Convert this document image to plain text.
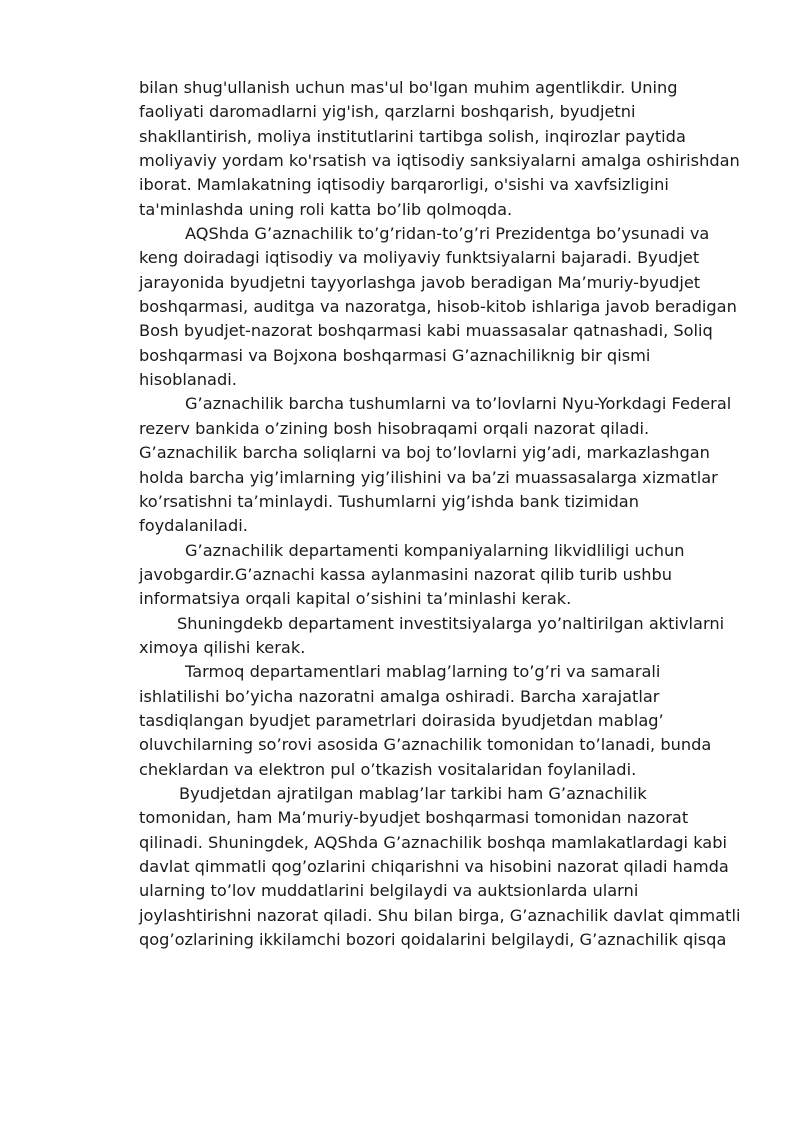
bilan shug'ullanish uchun mas'ul bo'lgan muhim agentlikdir. Uning
faoliyati daromadlarni yig'ish, qarzlarni boshqarish, byudjetni
shakllantirish, moliya institutlarini tartibga solish, inqirozlar paytida
moliyaviy yordam ko'rsatish va iqtisodiy sanksiyalarni amalga oshirishdan
iborat. Mamlakatning iqtisodiy barqarorligi, o'sishi va xavfsizligini
ta'minlashda uning roli katta bo’lib qolmoqda.

AQShda G’aznachilik to’g’ridan-to’g’ri Prezidentga bo’ysunadi va
keng doiradagi iqtisodiy va moliyaviy funktsiyalarni bajaradi. Byudjet
jarayonida byudjetni tayyorlashga javob beradigan Ma’muriy-byudjet
boshqarmasi, auditga va nazoratga, hisob-kitob ishlariga javob beradigan
Bosh byudjet-nazorat boshqarmasi kabi muassasalar qatnashadi, Soliq
boshqarmasi va Bojxona boshqarmasi G’aznachiliknig bir qismi
hisoblanadi.

G’aznachilik barcha tushumlarni va to’lovlarni Nyu-Yorkdagi Federal
rezerv bankida o’zining bosh hisobraqami orqali nazorat qiladi.
G’aznachilik barcha soliqlarni va boj to’lovlarni yig’adi, markazlashgan
holda barcha yig’imlarning yig’ilishini va ba’zi muassasalarga xizmatlar
ko’rsatishni ta’minlaydi. Tushumlarni yig’ishda bank tizimidan
foydalaniladi.

G’aznachilik departamenti kompaniyalarning likvidliligi uchun
javobgardir.G’aznachi kassa aylanmasini nazorat qilib turib ushbu
informatsiya orqali kapital o’sishini ta’minlashi kerak.

Shuningdekb departament investitsiyalarga yo’naltirilgan aktivlarni
ximoya qilishi kerak.

Tarmoq departamentlari mablag’larning to’g’ri va samarali
ishlatilishi bo’yicha nazoratni amalga oshiradi. Barcha xarajatlar
tasdiqlangan byudjet parametrlari doirasida byudjetdan mablag’
oluvchilarning so’rovi asosida G’aznachilik tomonidan to’lanadi, bunda
cheklardan va elektron pul o’tkazish vositalaridan foylaniladi.

Byudjetdan ajratilgan mablag’lar tarkibi ham G’aznachilik
tomonidan, ham Ma’muriy-byudjet boshqarmasi tomonidan nazorat
qilinadi. Shuningdek, AQShda G’aznachilik boshqa mamlakatlardagi kabi
davlat qimmatli qog’ozlarini chiqarishni va hisobini nazorat qiladi hamda
ularning to’lov muddatlarini belgilaydi va auktsionlarda ularni
joylashtirishni nazorat qiladi. Shu bilan birga, G’aznachilik davlat qimmatli
qog’ozlarining ikkilamchi bozori qoidalarini belgilaydi, G’aznachilik qisqa
